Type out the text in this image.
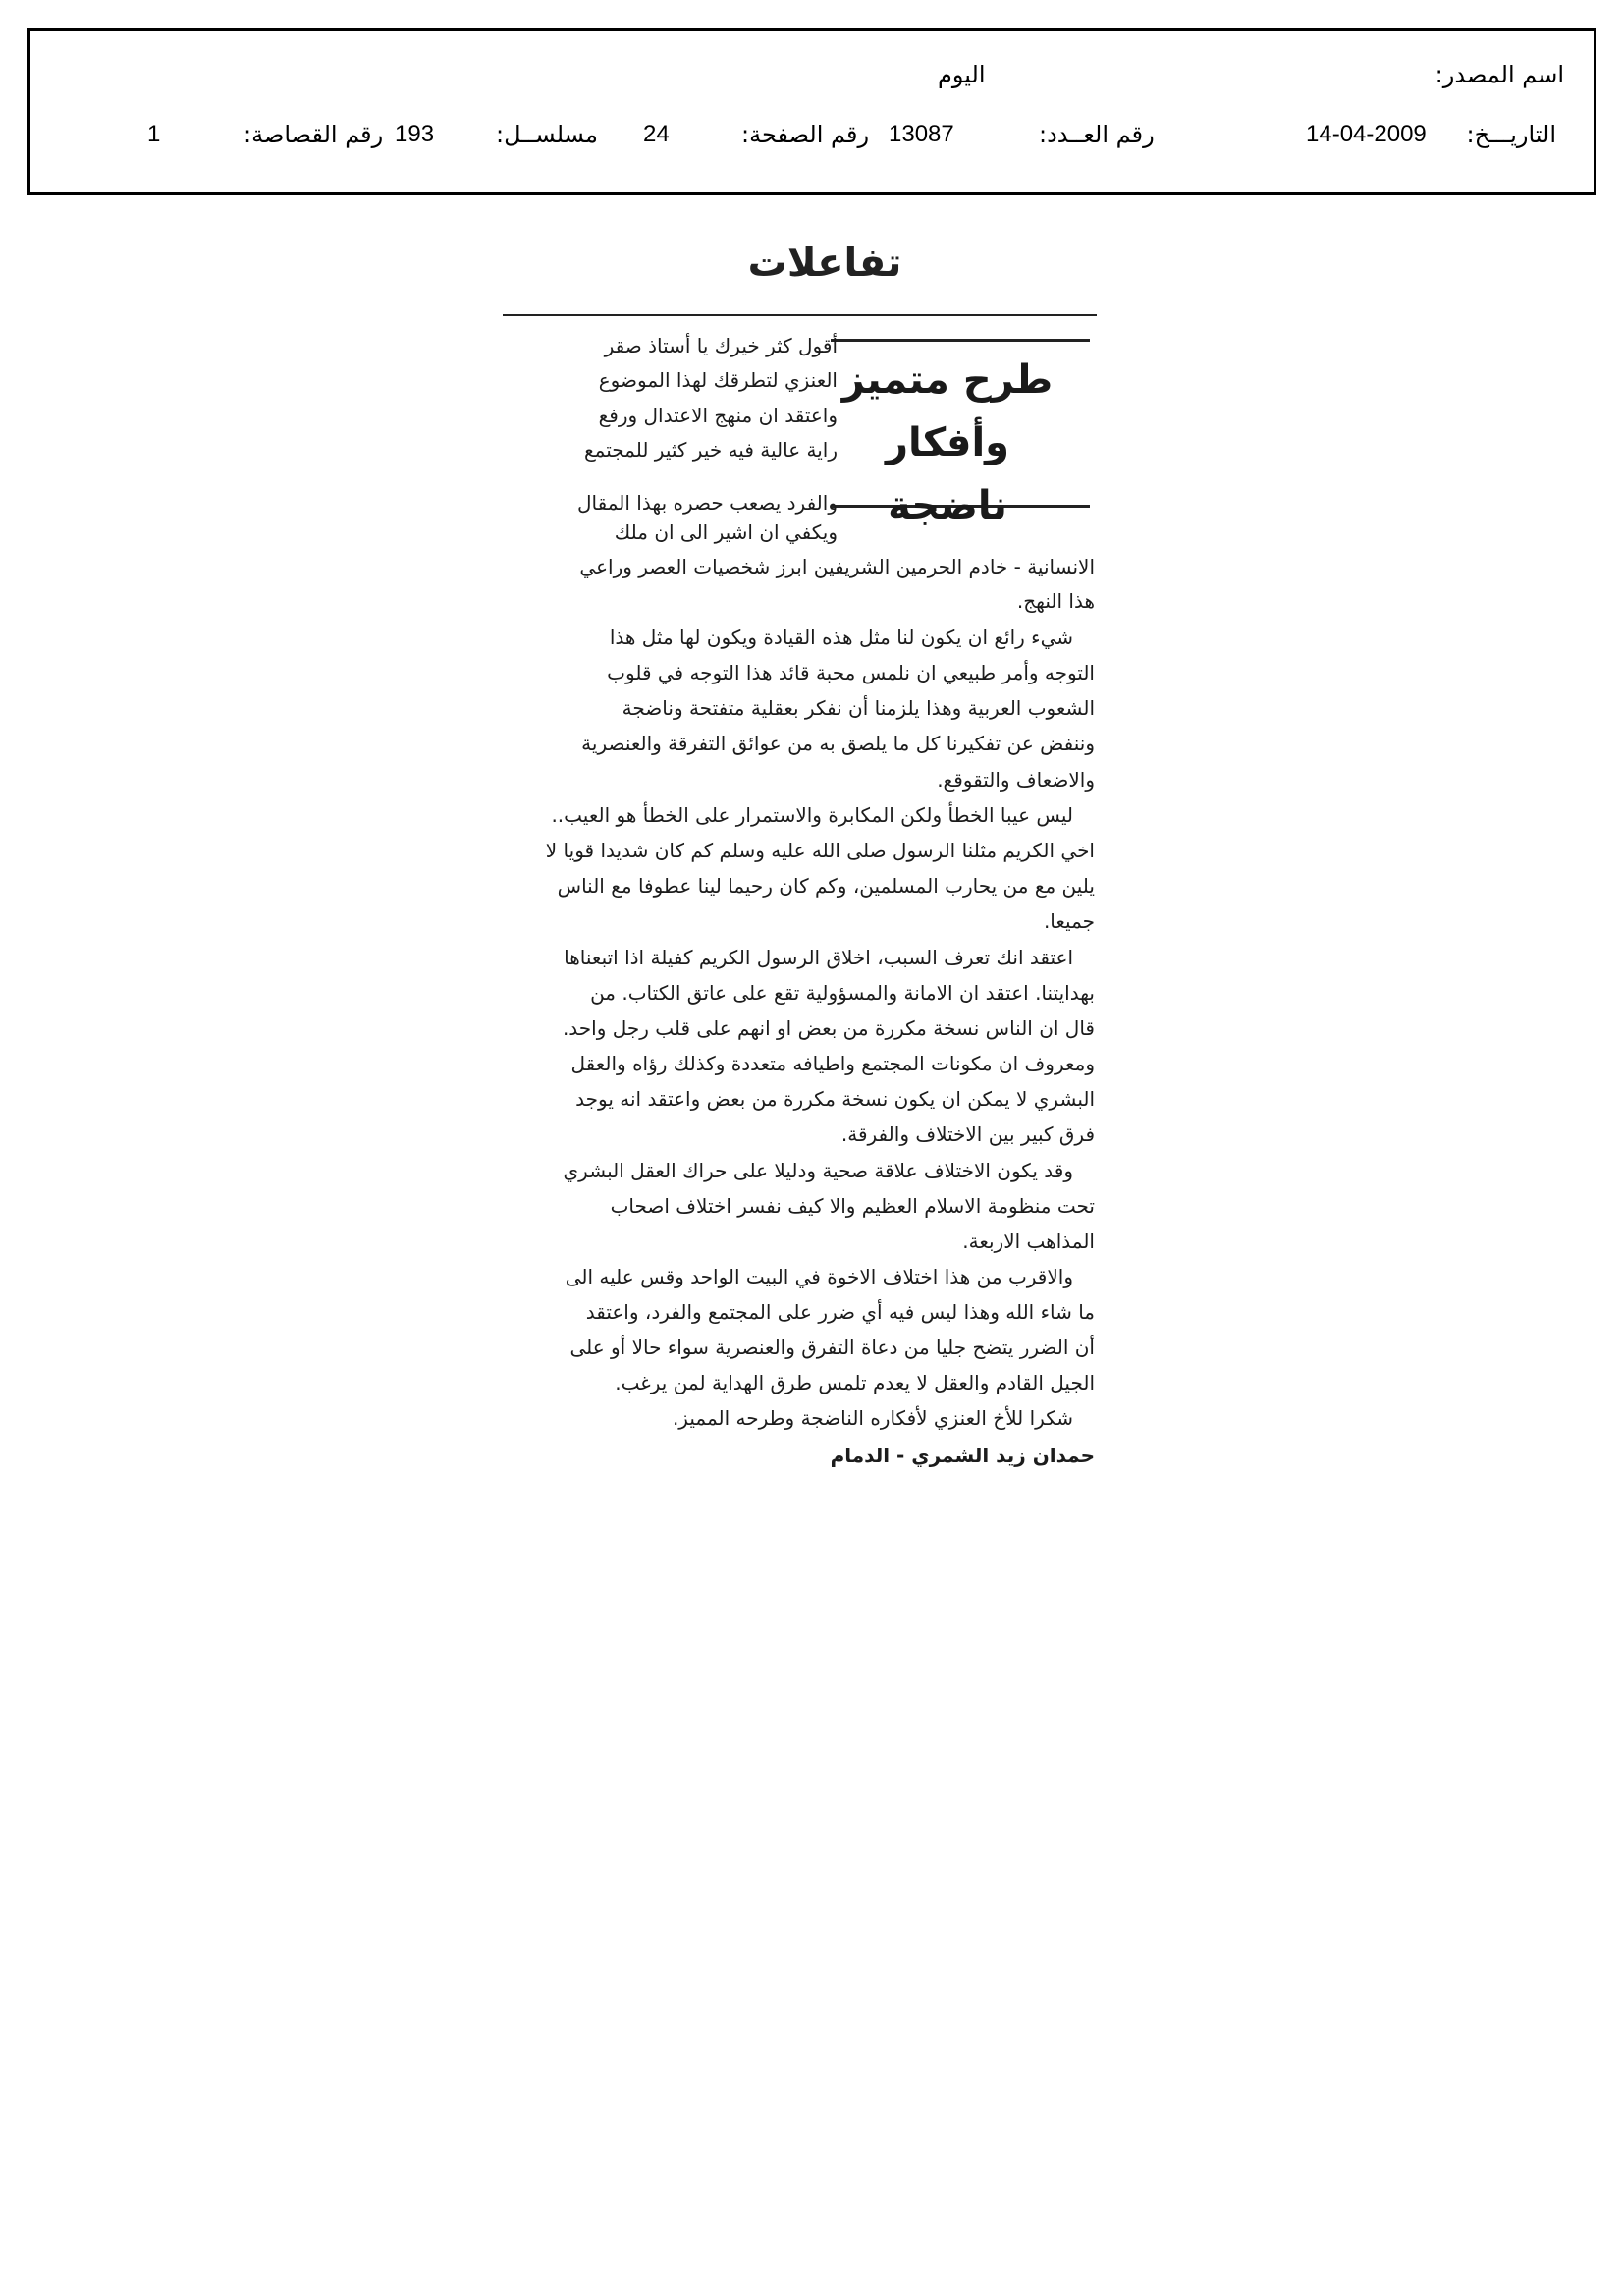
اسم المصدر:
اليوم
التاريـــخ:
14-04-2009
رقم العــدد:
13087
رقم الصفحة:
24
مسلســل:
193
رقم القصاصة:
1
تفاعلات
طرح متميز
وأفكار ناضجة
أقول كثر خيرك يا أستاذ صقر
العنزي لتطرقك لهذا الموضوع
واعتقد ان منهج الاعتدال ورفع
راية عالية فيه خير كثير للمجتمع
والفرد يصعب حصره بهذا المقال
ويكفي ان اشير الى ان ملك
الانسانية - خادم الحرمين الشريفين ابرز شخصيات العصر وراعي
هذا النهج.
شيء رائع ان يكون لنا مثل هذه القيادة ويكون لها مثل هذا
التوجه وأمر طبيعي ان نلمس محبة قائد هذا التوجه في قلوب
الشعوب العربية وهذا يلزمنا أن نفكر بعقلية متفتحة وناضجة
وننفض عن تفكيرنا كل ما يلصق به من عوائق التفرقة والعنصرية
والاضعاف والتقوقع.
ليس عيبا الخطأ ولكن المكابرة والاستمرار على الخطأ هو العيب..
اخي الكريم مثلنا الرسول صلى الله عليه وسلم كم كان شديدا قويا لا
يلين مع من يحارب المسلمين، وكم كان رحيما لينا عطوفا مع الناس
جميعا.
اعتقد انك تعرف السبب، اخلاق الرسول الكريم كفيلة اذا اتبعناها
بهدايتنا. اعتقد ان الامانة والمسؤولية تقع على عاتق الكتاب. من
قال ان الناس نسخة مكررة من بعض او انهم على قلب رجل واحد.
ومعروف ان مكونات المجتمع واطيافه متعددة وكذلك رؤاه والعقل
البشري لا يمكن ان يكون نسخة مكررة من بعض واعتقد انه يوجد
فرق كبير بين الاختلاف والفرقة.
وقد يكون الاختلاف علاقة صحية ودليلا على حراك العقل البشري
تحت منظومة الاسلام العظيم والا كيف نفسر اختلاف اصحاب
المذاهب الاربعة.
والاقرب من هذا اختلاف الاخوة في البيت الواحد وقس عليه الى
ما شاء الله وهذا ليس فيه أي ضرر على المجتمع والفرد، واعتقد
أن الضرر يتضح جليا من دعاة التفرق والعنصرية سواء حالا أو على
الجيل القادم والعقل لا يعدم تلمس طرق الهداية لمن يرغب.
شكرا للأخ العنزي لأفكاره الناضجة وطرحه المميز.
حمدان زيد الشمري - الدمام
